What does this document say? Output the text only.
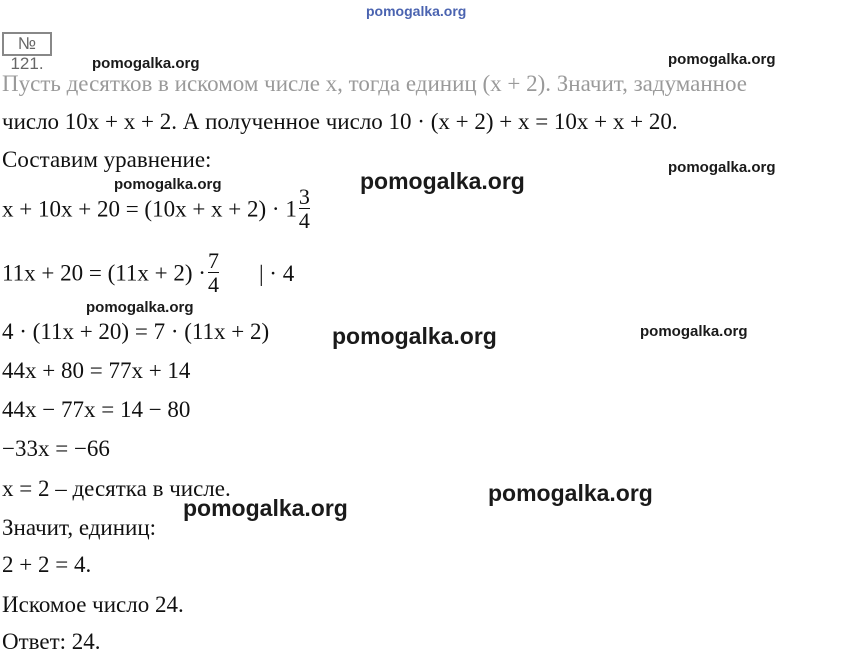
pomogalka.org
№ 121.	pomogalka.org	pomogalka.org
pomogalka.org
pomogalka.org	pomogalka.org
pomogalka.org
pomogalka.org	pomogalka.org
pomogalka.org
pomogalka.org
Пусть десятков в искомом числе x, тогда единиц (x + 2). Значит, задуманное
число 10x + x + 2. А полученное число 10 · (x + 2) + x = 10x + x + 20.
Составим уравнение:
$x + 10x + 20 = (10x + x + 2) \cdot 1 \frac{3}{4}$
$11x + 20 = (11x + 2) \cdot \frac{7}{4}$ | · 4
4 · (11x + 20) = 7 · (11x + 2)
44x + 80 = 77x + 14
44x − 77x = 14 − 80
−33x = −66
x = 2 – десятка в числе.
Значит, единиц:
2 + 2 = 4.
Искомое число 24.
Ответ: 24.
